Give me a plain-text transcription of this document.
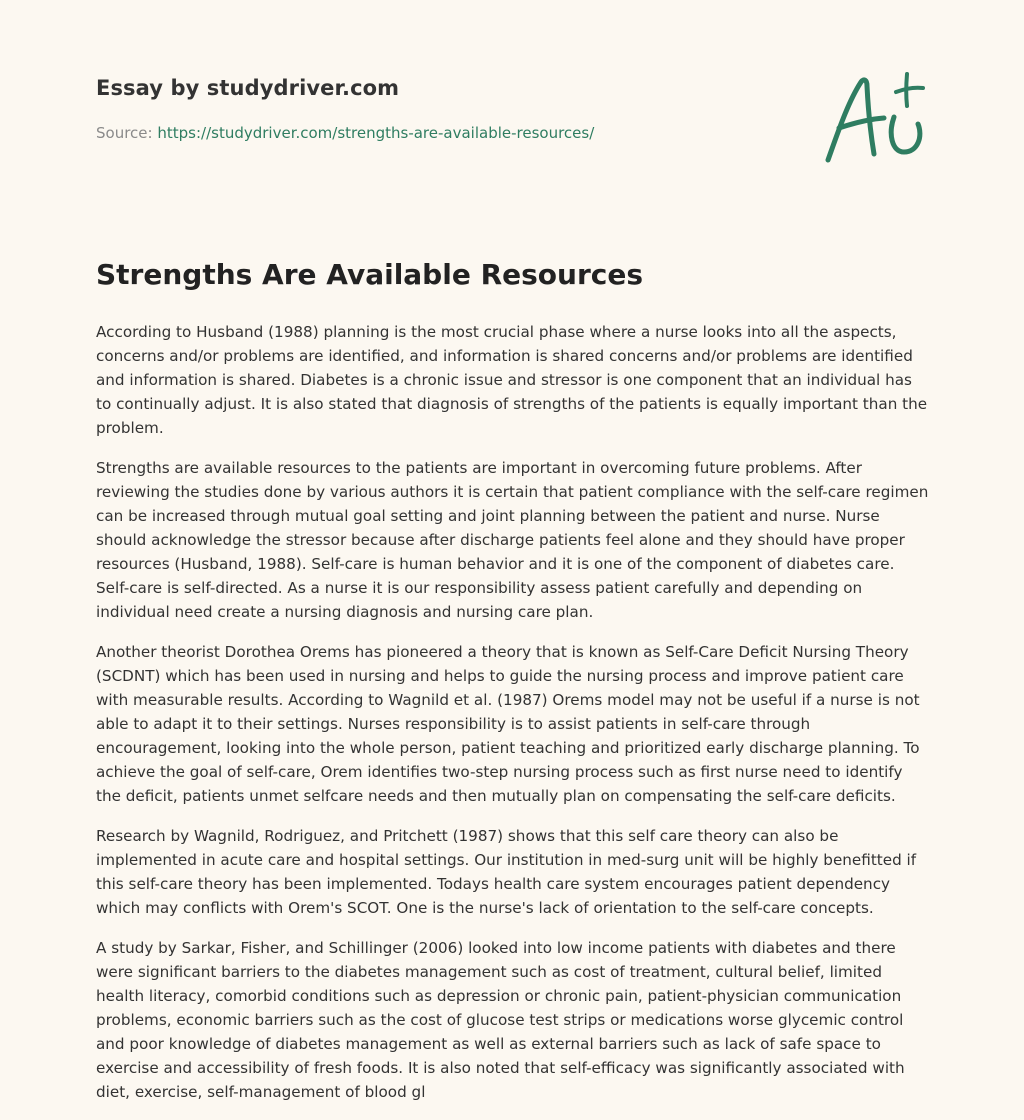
Essay by studydriver.com
Source: https://studydriver.com/strengths-are-available-resources/
Strengths Are Available Resources

According to Husband (1988) planning is the most crucial phase where a nurse looks into all the aspects, concerns and/or problems are identified, and information is shared concerns and/or problems are identified and information is shared. Diabetes is a chronic issue and stressor is one component that an individual has to continually adjust. It is also stated that diagnosis of strengths of the patients is equally important than the problem.

Strengths are available resources to the patients are important in overcoming future problems. After reviewing the studies done by various authors it is certain that patient compliance with the self-care regimen can be increased through mutual goal setting and joint planning between the patient and nurse. Nurse should acknowledge the stressor because after discharge patients feel alone and they should have proper resources (Husband, 1988). Self-care is human behavior and it is one of the component of diabetes care. Self-care is self-directed. As a nurse it is our responsibility assess patient carefully and depending on individual need create a nursing diagnosis and nursing care plan.

Another theorist Dorothea Orems has pioneered a theory that is known as Self-Care Deficit Nursing Theory (SCDNT) which has been used in nursing and helps to guide the nursing process and improve patient care with measurable results. According to Wagnild et al. (1987) Orems model may not be useful if a nurse is not able to adapt it to their settings. Nurses responsibility is to assist patients in self-care through encouragement, looking into the whole person, patient teaching and prioritized early discharge planning. To achieve the goal of self-care, Orem identifies two-step nursing process such as first nurse need to identify the deficit, patients unmet selfcare needs and then mutually plan on compensating the self-care deficits.

Research by Wagnild, Rodriguez, and Pritchett (1987) shows that this self care theory can also be implemented in acute care and hospital settings. Our institution in med-surg unit will be highly benefitted if this self-care theory has been implemented. Todays health care system encourages patient dependency which may conflicts with Orem's SCOT. One is the nurse's lack of orientation to the self-care concepts.

A study by Sarkar, Fisher, and Schillinger (2006) looked into low income patients with diabetes and there were significant barriers to the diabetes management such as cost of treatment, cultural belief, limited health literacy, comorbid conditions such as depression or chronic pain, patient-physician communication problems, economic barriers such as the cost of glucose test strips or medications worse glycemic control and poor knowledge of diabetes management as well as external barriers such as lack of safe space to exercise and accessibility of fresh foods. It is also noted that self-efficacy was significantly associated with diet, exercise, self-management of blood gl
